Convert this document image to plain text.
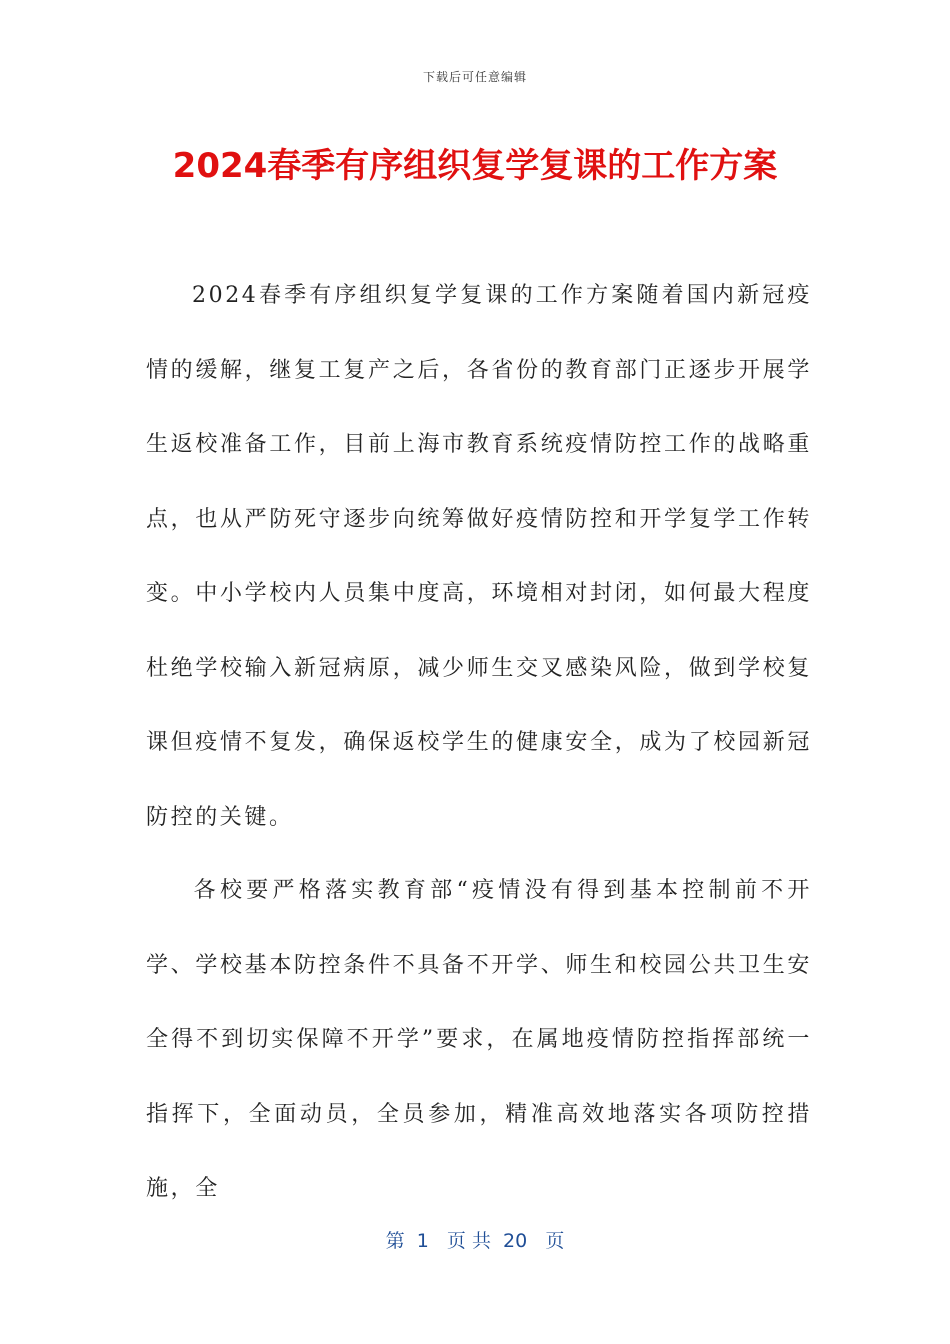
下载后可任意编辑
2024春季有序组织复学复课的工作方案

2024春季有序组织复学复课的工作方案随着国内新冠疫情的缓解，继复工复产之后，各省份的教育部门正逐步开展学生返校准备工作，目前上海市教育系统疫情防控工作的战略重点，也从严防死守逐步向统筹做好疫情防控和开学复学工作转变。中小学校内人员集中度高，环境相对封闭，如何最大程度杜绝学校输入新冠病原，减少师生交叉感染风险，做到学校复课但疫情不复发，确保返校学生的健康安全，成为了校园新冠防控的关键。

各校要严格落实教育部“疫情没有得到基本控制前不开学、学校基本防控条件不具备不开学、师生和校园公共卫生安全得不到切实保障不开学”要求，在属地疫情防控指挥部统一指挥下，全面动员，全员参加，精准高效地落实各项防控措施，全

第  1   页 共  20   页
